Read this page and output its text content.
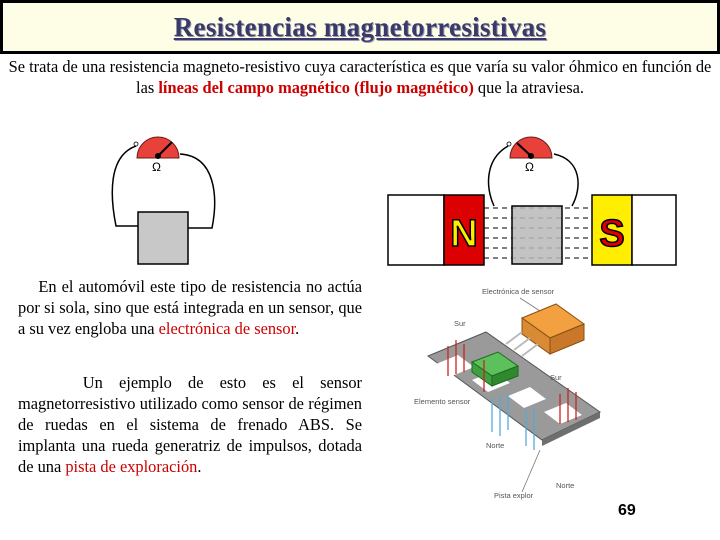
Resistencias magnetorresistivas
Se trata de una resistencia magneto-resistivo cuya característica es que varía su valor óhmico en función de las líneas del campo magnético (flujo magnético) que la atraviesa.
Ω	Ω
N	S
En el automóvil este tipo de resistencia no actúa por si sola, sino que está integrada en un sensor, que a su vez engloba una electrónica de sensor.
Un ejemplo de esto es el sensor magnetorresistivo utilizado como sensor de régimen de ruedas en el sistema de frenado ABS. Se implanta una rueda generatriz de impulsos, dotada de una pista de exploración.
Electrónica de sensor
Sur
Sur
Elemento sensor
Norte
Norte
Pista explor
69
